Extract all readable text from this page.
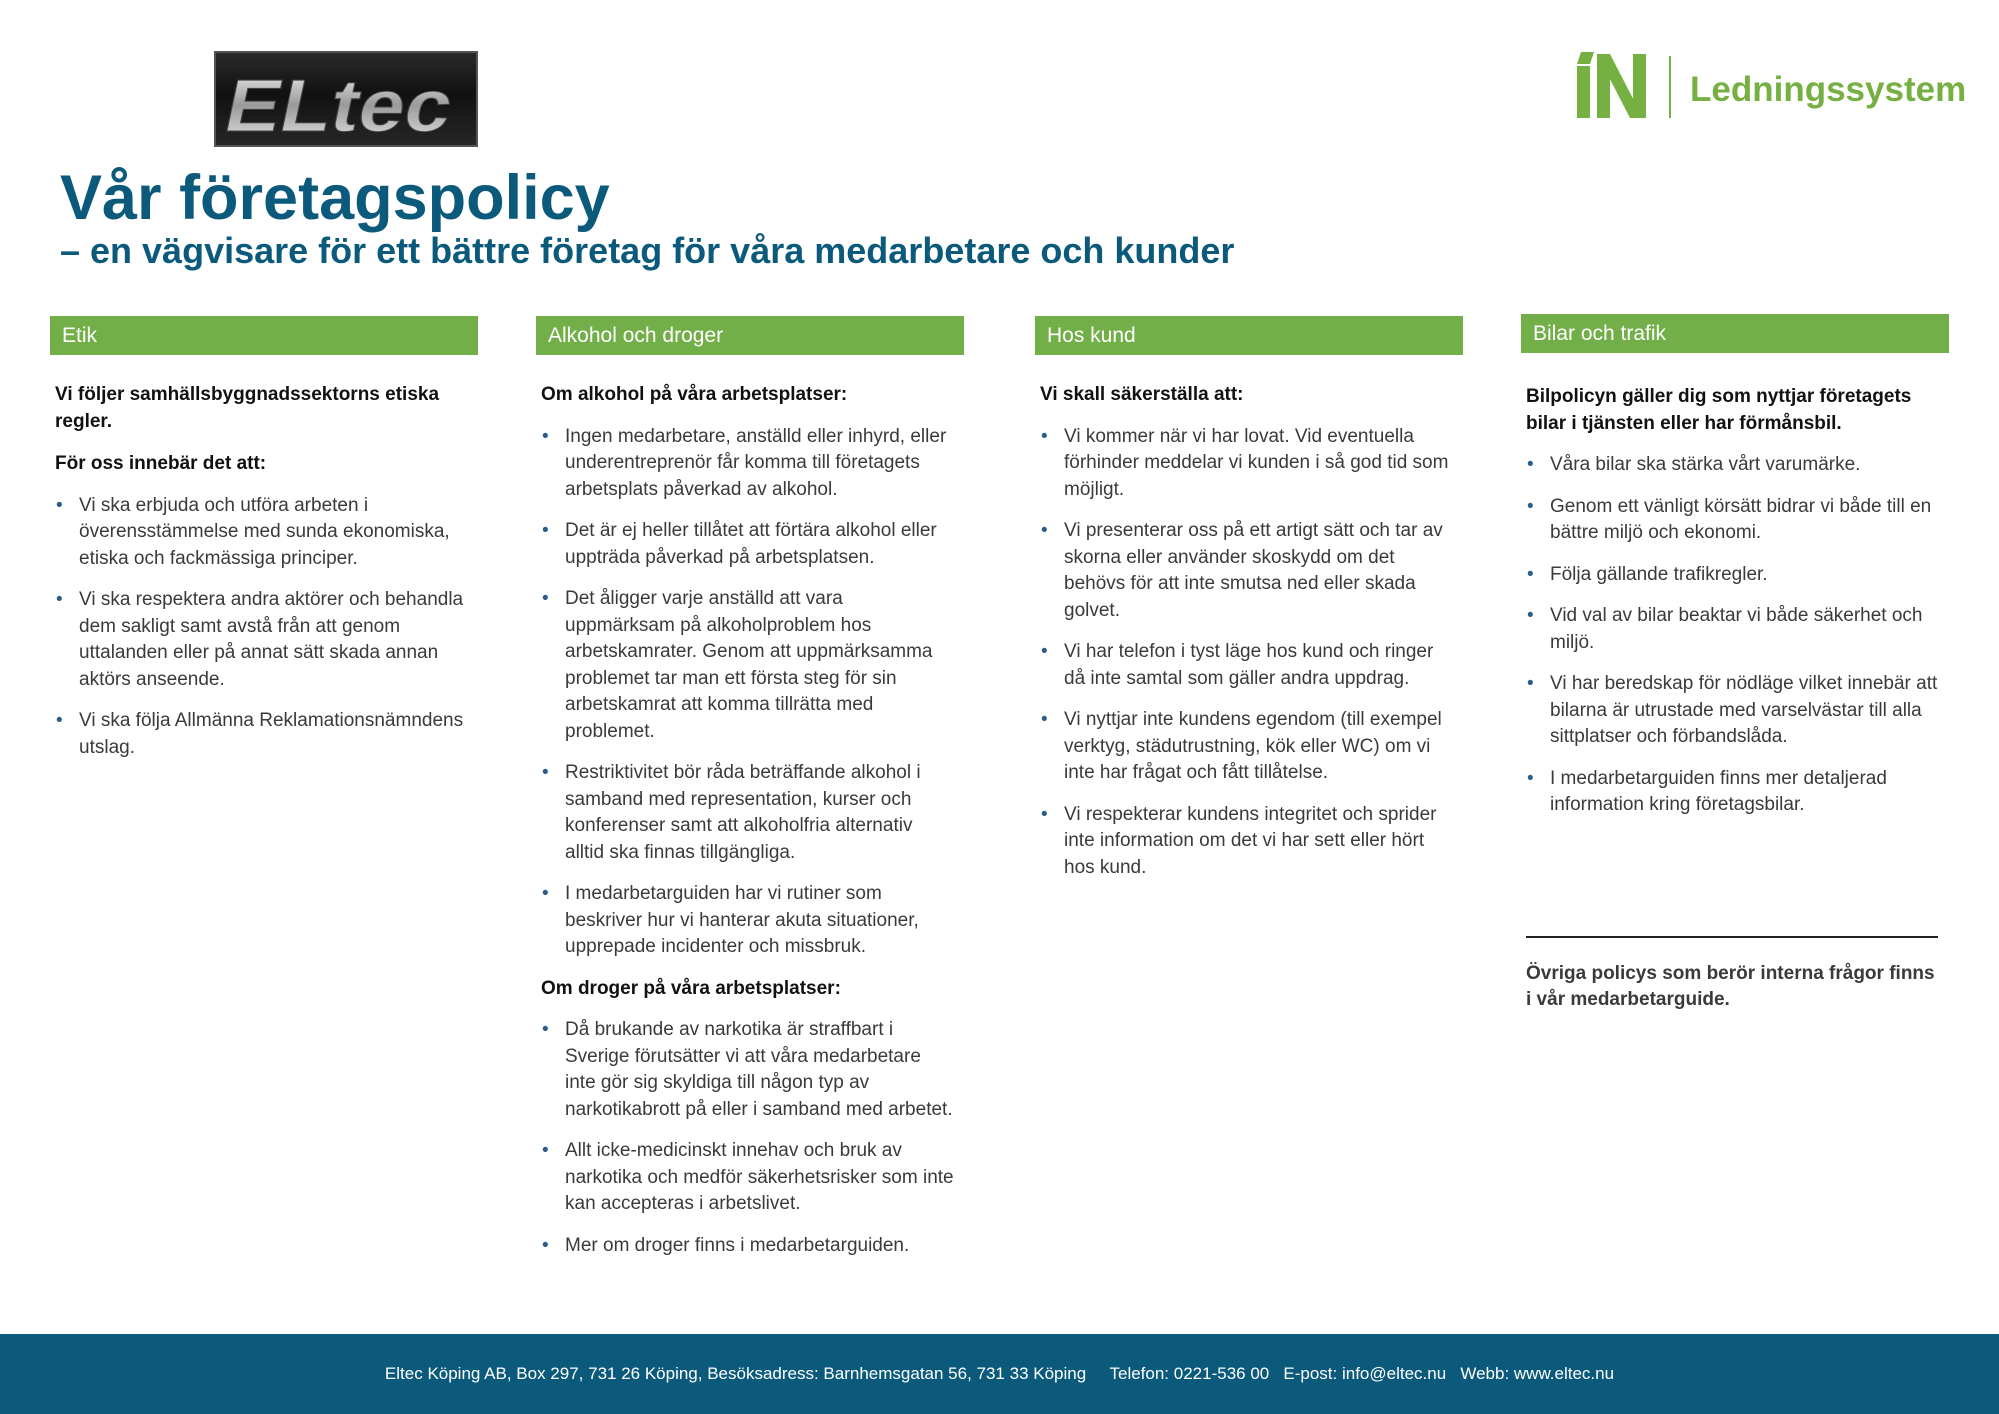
ELtec	Ledningssystem
Vår företagspolicy
– en vägvisare för ett bättre företag för våra medarbetare och kunder
Etik

Vi följer samhällsbyggnadssektorns etiska regler.

För oss innebär det att:

• Vi ska erbjuda och utföra arbeten i överensstämmelse med sunda ekonomiska, etiska och fackmässiga principer.
• Vi ska respektera andra aktörer och behandla dem sakligt samt avstå från att genom uttalanden eller på annat sätt skada annan aktörs anseende.
• Vi ska följa Allmänna Reklamationsnämndens utslag.
Alkohol och droger

Om alkohol på våra arbetsplatser:

• Ingen medarbetare, anställd eller inhyrd, eller underentreprenör får komma till företagets arbetsplats påverkad av alkohol.
• Det är ej heller tillåtet att förtära alkohol eller uppträda påverkad på arbetsplatsen.
• Det åligger varje anställd att vara uppmärksam på alkoholproblem hos arbetskamrater. Genom att uppmärksamma problemet tar man ett första steg för sin arbetskamrat att komma tillrätta med problemet.
• Restriktivitet bör råda beträffande alkohol i samband med representation, kurser och konferenser samt att alkoholfria alternativ alltid ska finnas tillgängliga.
• I medarbetarguiden har vi rutiner som beskriver hur vi hanterar akuta situationer, upprepade incidenter och missbruk.

Om droger på våra arbetsplatser:

• Då brukande av narkotika är straffbart i Sverige förutsätter vi att våra medarbetare inte gör sig skyldiga till någon typ av narkotikabrott på eller i samband med arbetet.
• Allt icke-medicinskt innehav och bruk av narkotika och medför säkerhetsrisker som inte kan accepteras i arbetslivet.
• Mer om droger finns i medarbetarguiden.
Hos kund

Vi skall säkerställa att:

• Vi kommer när vi har lovat. Vid eventuella förhinder meddelar vi kunden i så god tid som möjligt.
• Vi presenterar oss på ett artigt sätt och tar av skorna eller använder skoskydd om det behövs för att inte smutsa ned eller skada golvet.
• Vi har telefon i tyst läge hos kund och ringer då inte samtal som gäller andra uppdrag.
• Vi nyttjar inte kundens egendom (till exempel verktyg, städutrustning, kök eller WC) om vi inte har frågat och fått tillåtelse.
• Vi respekterar kundens integritet och sprider inte information om det vi har sett eller hört hos kund.
Bilar och trafik

Bilpolicyn gäller dig som nyttjar företagets bilar i tjänsten eller har förmånsbil.

• Våra bilar ska stärka vårt varumärke.
• Genom ett vänligt körsätt bidrar vi både till en bättre miljö och ekonomi.
• Följa gällande trafikregler.
• Vid val av bilar beaktar vi både säkerhet och miljö.
• Vi har beredskap för nödläge vilket innebär att bilarna är utrustade med varselvästar till alla sittplatser och förbandslåda.
• I medarbetarguiden finns mer detaljerad information kring företagsbilar.

Övriga policys som berör interna frågor finns i vår medarbetarguide.

Eltec Köping AB, Box 297, 731 26 Köping, Besöksadress: Barnhemsgatan 56, 731 33 Köping     Telefon: 0221-536 00   E-post: info@eltec.nu   Webb: www.eltec.nu
